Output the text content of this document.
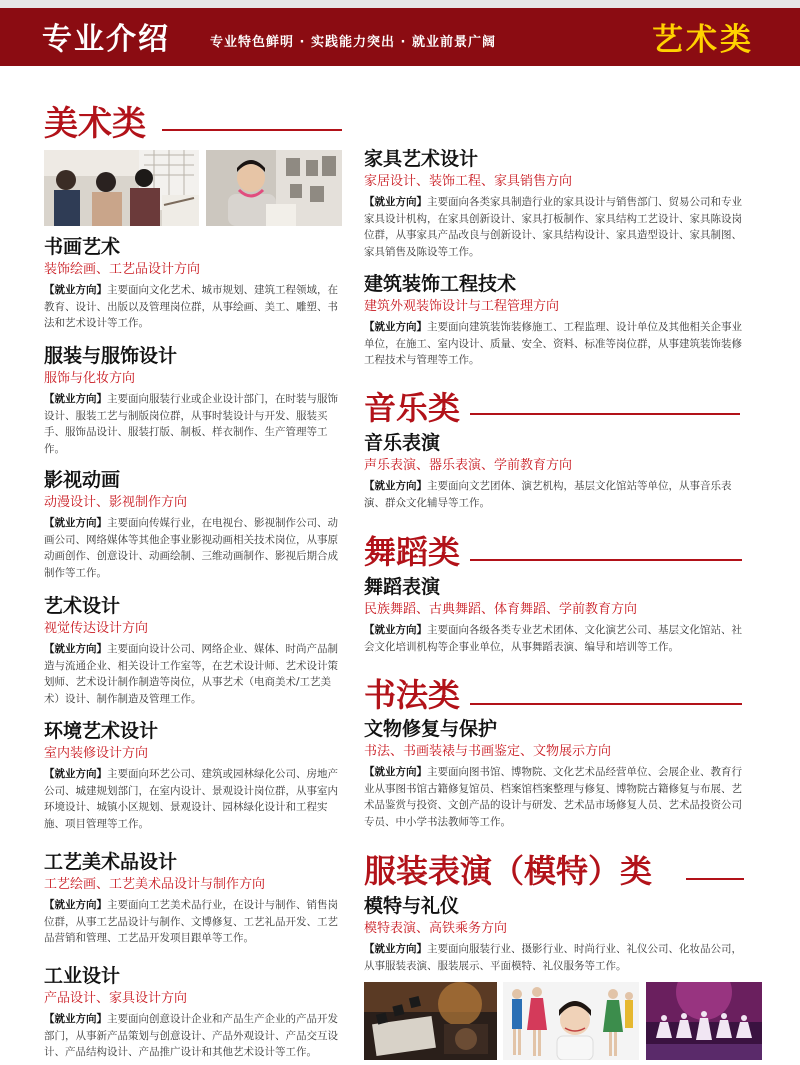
专业介绍	专业特色鲜明 · 实践能力突出 · 就业前景广阔	艺术类
美术类
书画艺术
装饰绘画、工艺品设计方向
【就业方向】主要面向文化艺术、城市规划、建筑工程领域，在教育、设计、出版以及管理岗位群，从事绘画、美工、雕塑、书法和艺术设计等工作。
服装与服饰设计
服饰与化妆方向
【就业方向】主要面向服装行业或企业设计部门，在时装与服饰设计、服装工艺与制版岗位群，从事时装设计与开发、服装买手、服饰品设计、服装打版、制板、样衣制作、生产管理等工作。
影视动画
动漫设计、影视制作方向
【就业方向】主要面向传媒行业，在电视台、影视制作公司、动画公司、网络媒体等其他企事业影视动画相关技术岗位，从事原动画创作、创意设计、动画绘制、三维动画制作、影视后期合成制作等工作。
艺术设计
视觉传达设计方向
【就业方向】主要面向设计公司、网络企业、媒体、时尚产品制造与流通企业、相关设计工作室等，在艺术设计师、艺术设计策划师、艺术设计制作制造等岗位，从事艺术（电商美术/工艺美术）设计、制作制造及管理工作。
环境艺术设计
室内装修设计方向
【就业方向】主要面向环艺公司、建筑或园林绿化公司、房地产公司、城建规划部门，在室内设计、景观设计岗位群，从事室内环境设计、城镇小区规划、景观设计、园林绿化设计和工程实施、项目管理等工作。
工艺美术品设计
工艺绘画、工艺美术品设计与制作方向
【就业方向】主要面向工艺美术品行业，在设计与制作、销售岗位群，从事工艺品设计与制作、文博修复、工艺礼品开发、工艺品营销和管理、工艺品开发项目跟单等工作。
工业设计
产品设计、家具设计方向
【就业方向】主要面向创意设计企业和产品生产企业的产品开发部门，从事新产品策划与创意设计、产品外观设计、产品交互设计、产品结构设计、产品推广设计和其他艺术设计等工作。
家具艺术设计
家居设计、装饰工程、家具销售方向
【就业方向】主要面向各类家具制造行业的家具设计与销售部门、贸易公司和专业家具设计机构，在家具创新设计、家具打板制作、家具结构工艺设计、家具陈设岗位群，从事家具产品改良与创新设计、家具结构设计、家具造型设计、家具制图、家具销售及陈设等工作。
建筑装饰工程技术
建筑外观装饰设计与工程管理方向
【就业方向】主要面向建筑装饰装修施工、工程监理、设计单位及其他相关企事业单位，在施工、室内设计、质量、安全、资料、标准等岗位群，从事建筑装饰装修工程技术与管理等工作。
音乐类
音乐表演
声乐表演、器乐表演、学前教育方向
【就业方向】主要面向文艺团体、演艺机构，基层文化馆站等单位，从事音乐表演、群众文化辅导等工作。
舞蹈类
舞蹈表演
民族舞蹈、古典舞蹈、体育舞蹈、学前教育方向
【就业方向】主要面向各级各类专业艺术团体、文化演艺公司、基层文化馆站、社会文化培训机构等企事业单位，从事舞蹈表演、编导和培训等工作。
书法类
文物修复与保护
书法、书画装裱与书画鉴定、文物展示方向
【就业方向】主要面向图书馆、博物院、文化艺术品经营单位、会展企业、教育行业从事图书馆古籍修复馆员、档案馆档案整理与修复、博物院古籍修复与布展、艺术品鉴赏与投资、文创产品的设计与研发、艺术品市场修复人员、艺术品投资公司专员、中小学书法教师等工作。
服装表演（模特）类
模特与礼仪
模特表演、高铁乘务方向
【就业方向】主要面向服装行业、摄影行业、时尚行业、礼仪公司、化妆品公司，从事服装表演、服装展示、平面模特、礼仪服务等工作。
